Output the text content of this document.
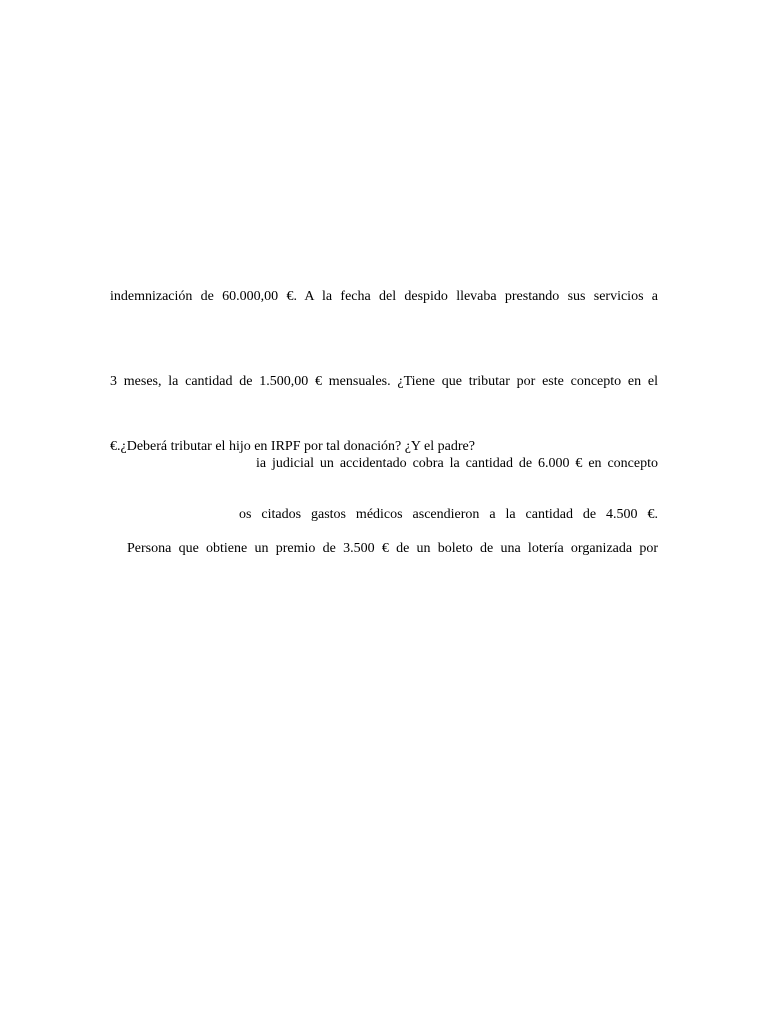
indemnización de 60.000,00 €. A la fecha del despido llevaba prestando sus servicios a
3 meses, la cantidad de 1.500,00 € mensuales. ¿Tiene que tributar por este concepto en el
€.¿Deberá tributar el hijo en IRPF por tal donación? ¿Y el padre?
ia judicial un accidentado cobra la cantidad de 6.000 € en concepto
os citados gastos médicos ascendieron a la cantidad de 4.500 €.
Persona que obtiene un premio de 3.500 € de un boleto de una lotería organizada por
